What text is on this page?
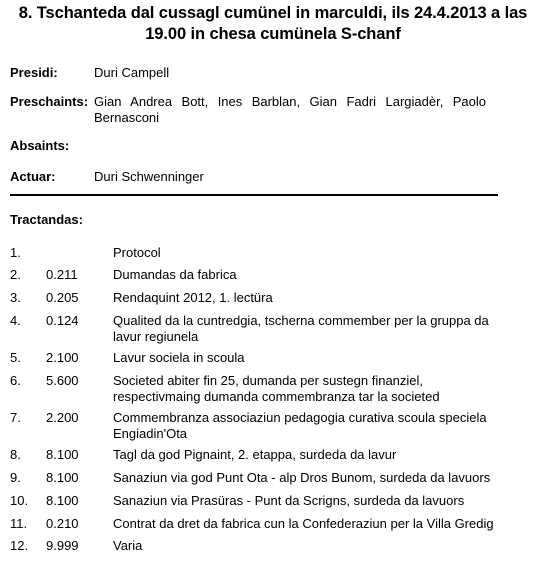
8. Tschanteda dal cussagl cumünel in marculdi, ils 24.4.2013 a las 19.00 in chesa cumünela S-chanf
Presidi:	Duri Campell
Preschaints: Gian Andrea Bott, Ines Barblan, Gian Fadri Largiadèr, Paolo Bernasconi
Absaints:
Actuar:	Duri Schwenninger
Tractandas:
1.	Protocol
2. 0.211	Dumandas da fabrica
3. 0.205	Rendaquint 2012, 1. lectüra
4. 0.124	Qualited da la cuntredgia, tscherna commember per la gruppa da lavur regiunela
5. 2.100	Lavur sociela in scoula
6. 5.600	Societed abiter fin 25, dumanda per sustegn finanziel, respectivmaing dumanda commembranza tar la societed
7. 2.200	Commembranza associaziun pedagogia curativa scoula speciela Engiadin'Ota
8. 8.100	Tagl da god Pignaint, 2. etappa, surdeda da lavur
9. 8.100	Sanaziun via god Punt Ota - alp Dros Bunom, surdeda da lavuors
10. 8.100	Sanaziun via Prasüras - Punt da Scrigns, surdeda da lavuors
11. 0.210	Contrat da dret da fabrica cun la Confederaziun per la Villa Gredig
12. 9.999	Varia
